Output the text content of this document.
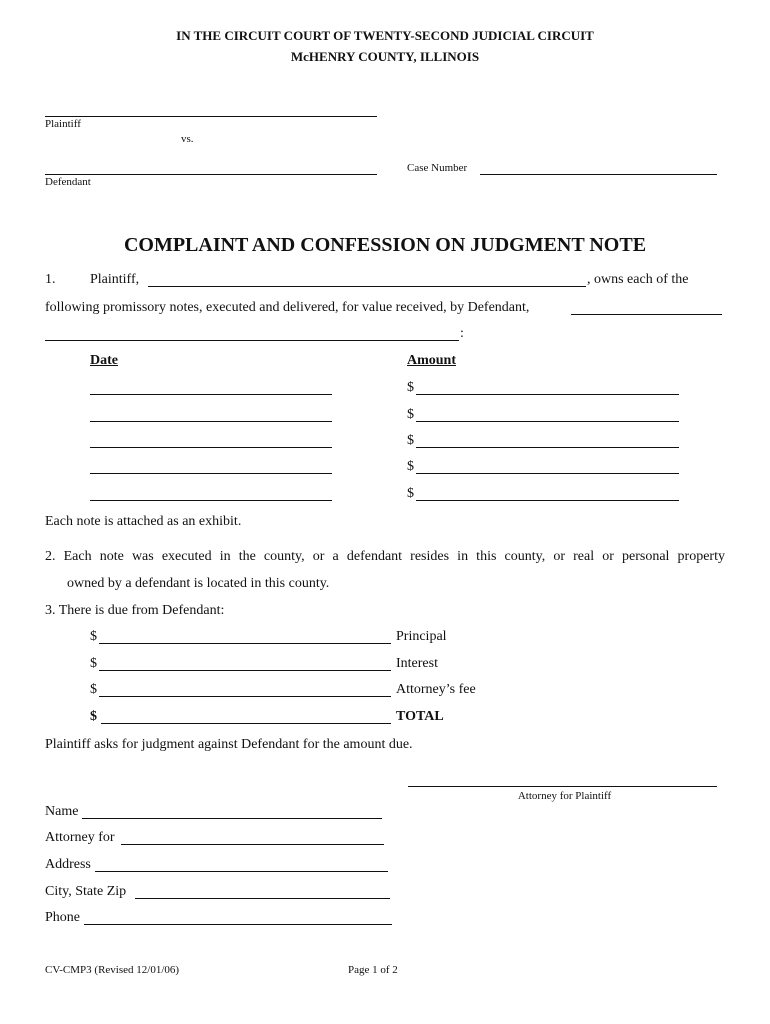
IN THE CIRCUIT COURT OF TWENTY-SECOND JUDICIAL CIRCUIT
McHENRY COUNTY, ILLINOIS
Plaintiff
vs.
Defendant
Case Number
COMPLAINT AND CONFESSION ON JUDGMENT NOTE
1. Plaintiff,	, owns each of the
following promissory notes, executed and delivered, for value received, by Defendant,
:
Date	Amount
$
$
$
$
$
Each note is attached as an exhibit.
2. Each note was executed in the county, or a defendant resides in this county, or real or personal property
owned by a defendant is located in this county.
3. There is due from Defendant:
$	Principal
$	Interest
$	Attorney’s fee
$	TOTAL
Plaintiff asks for judgment against Defendant for the amount due.
Attorney for Plaintiff
Name
Attorney for
Address
City, State Zip
Phone
CV-CMP3 (Revised 12/01/06)	Page 1 of 2
